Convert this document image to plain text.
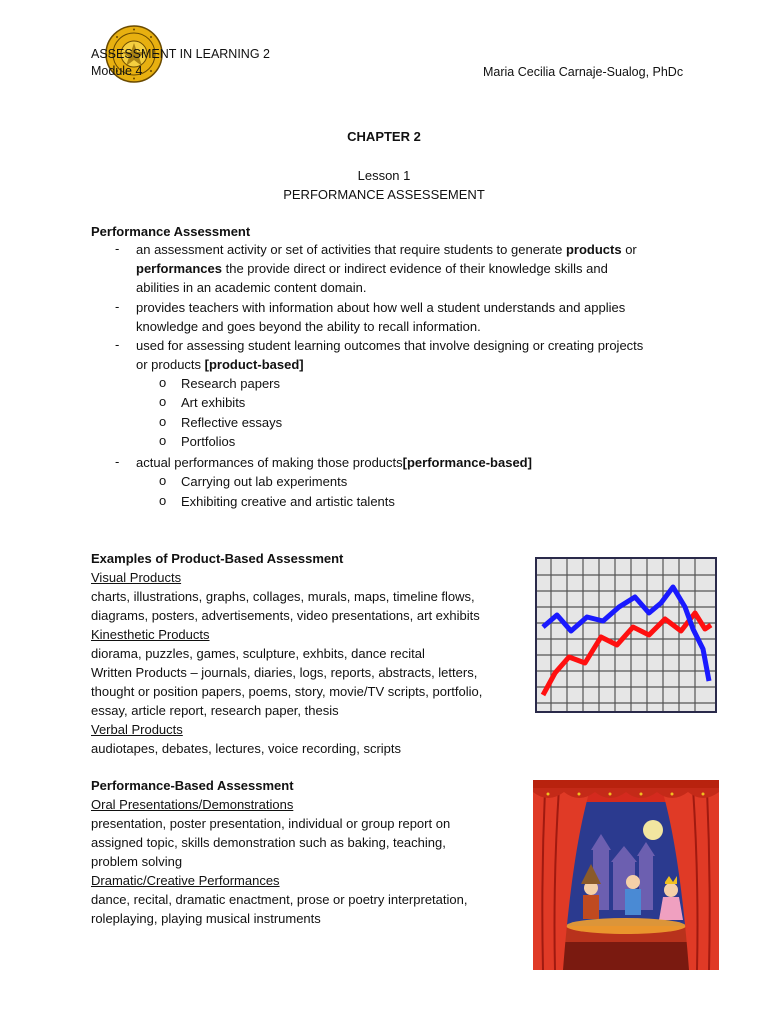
ASSESSMENT IN LEARNING 2
Module 4	Maria Cecilia Carnaje-Sualog, PhDc
CHAPTER 2
Lesson 1
PERFORMANCE ASSESSEMENT
Performance Assessment
- an assessment activity or set of activities that require students to generate products or
performances the provide direct or indirect evidence of their knowledge skills and
abilities in an academic content domain.
- provides teachers with information about how well a student understands and applies
knowledge and goes beyond the ability to recall information.
- used for assessing student learning outcomes that involve designing or creating projects
or products [product-based]
o Research papers
o Art exhibits
o Reflective essays
o Portfolios
- actual performances of making those products[performance-based]
o Carrying out lab experiments
o Exhibiting creative and artistic talents
Examples of Product-Based Assessment
Visual Products
charts, illustrations, graphs, collages, murals, maps, timeline flows,
diagrams, posters, advertisements, video presentations, art exhibits
Kinesthetic Products
diorama, puzzles, games, sculpture, exhbits, dance recital
Written Products – journals, diaries, logs, reports, abstracts, letters,
thought or position papers, poems, story, movie/TV scripts, portfolio,
essay, article report, research paper, thesis
Verbal Products
audiotapes, debates, lectures, voice recording, scripts
Performance-Based Assessment
Oral Presentations/Demonstrations
presentation, poster presentation, individual or group report on
assigned topic, skills demonstration such as baking, teaching,
problem solving
Dramatic/Creative Performances
dance, recital, dramatic enactment, prose or poetry interpretation,
roleplaying, playing musical instruments
